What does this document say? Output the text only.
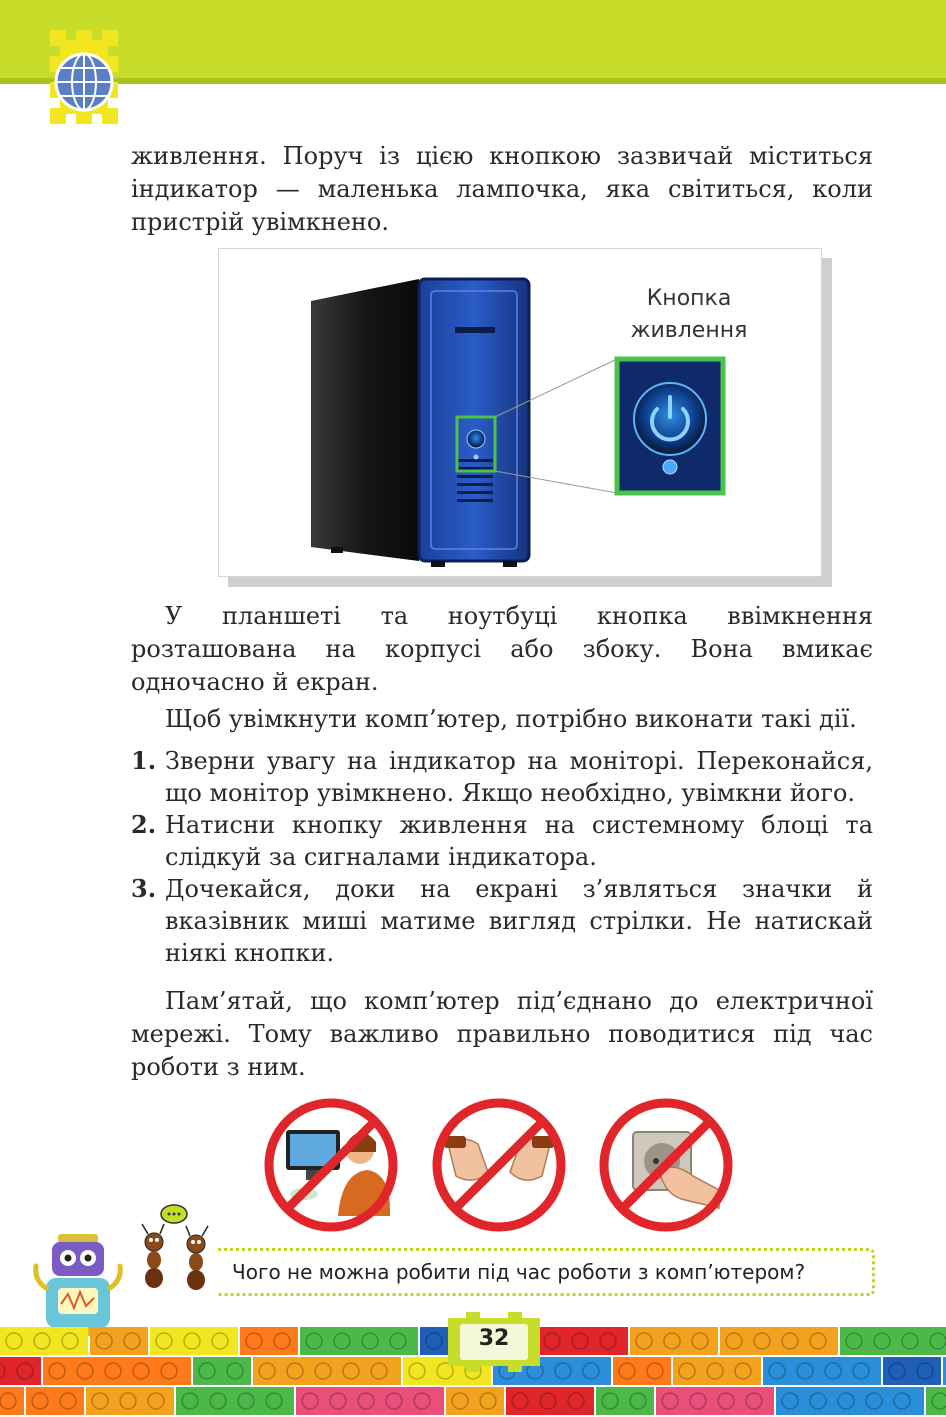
живлення. Поруч із цією кнопкою зазвичай міститься індикатор — маленька лампочка, яка світиться, коли пристрій увімкнено.

Кнопка
живлення

У планшеті та ноутбуці кнопка ввімкнення розташована на корпусі або збоку. Вона вмикає одночасно й екран.

Щоб увімкнути комп’ютер, потрібно виконати такі дії.

1. Зверни увагу на індикатор на моніторі. Переконайся, що монітор увімкнено. Якщо необхідно, увімкни його.
2. Натисни кнопку живлення на системному блоці та слідкуй за сигналами індикатора.
3. Дочекайся, доки на екрані з’являться значки й вказівник миші матиме вигляд стрілки. Не натискай ніякі кнопки.

Пам’ятай, що комп’ютер під’єднано до електричної мережі. Тому важливо правильно поводитися під час роботи з ним.

Чого не можна робити під час роботи з комп’ютером?
32
